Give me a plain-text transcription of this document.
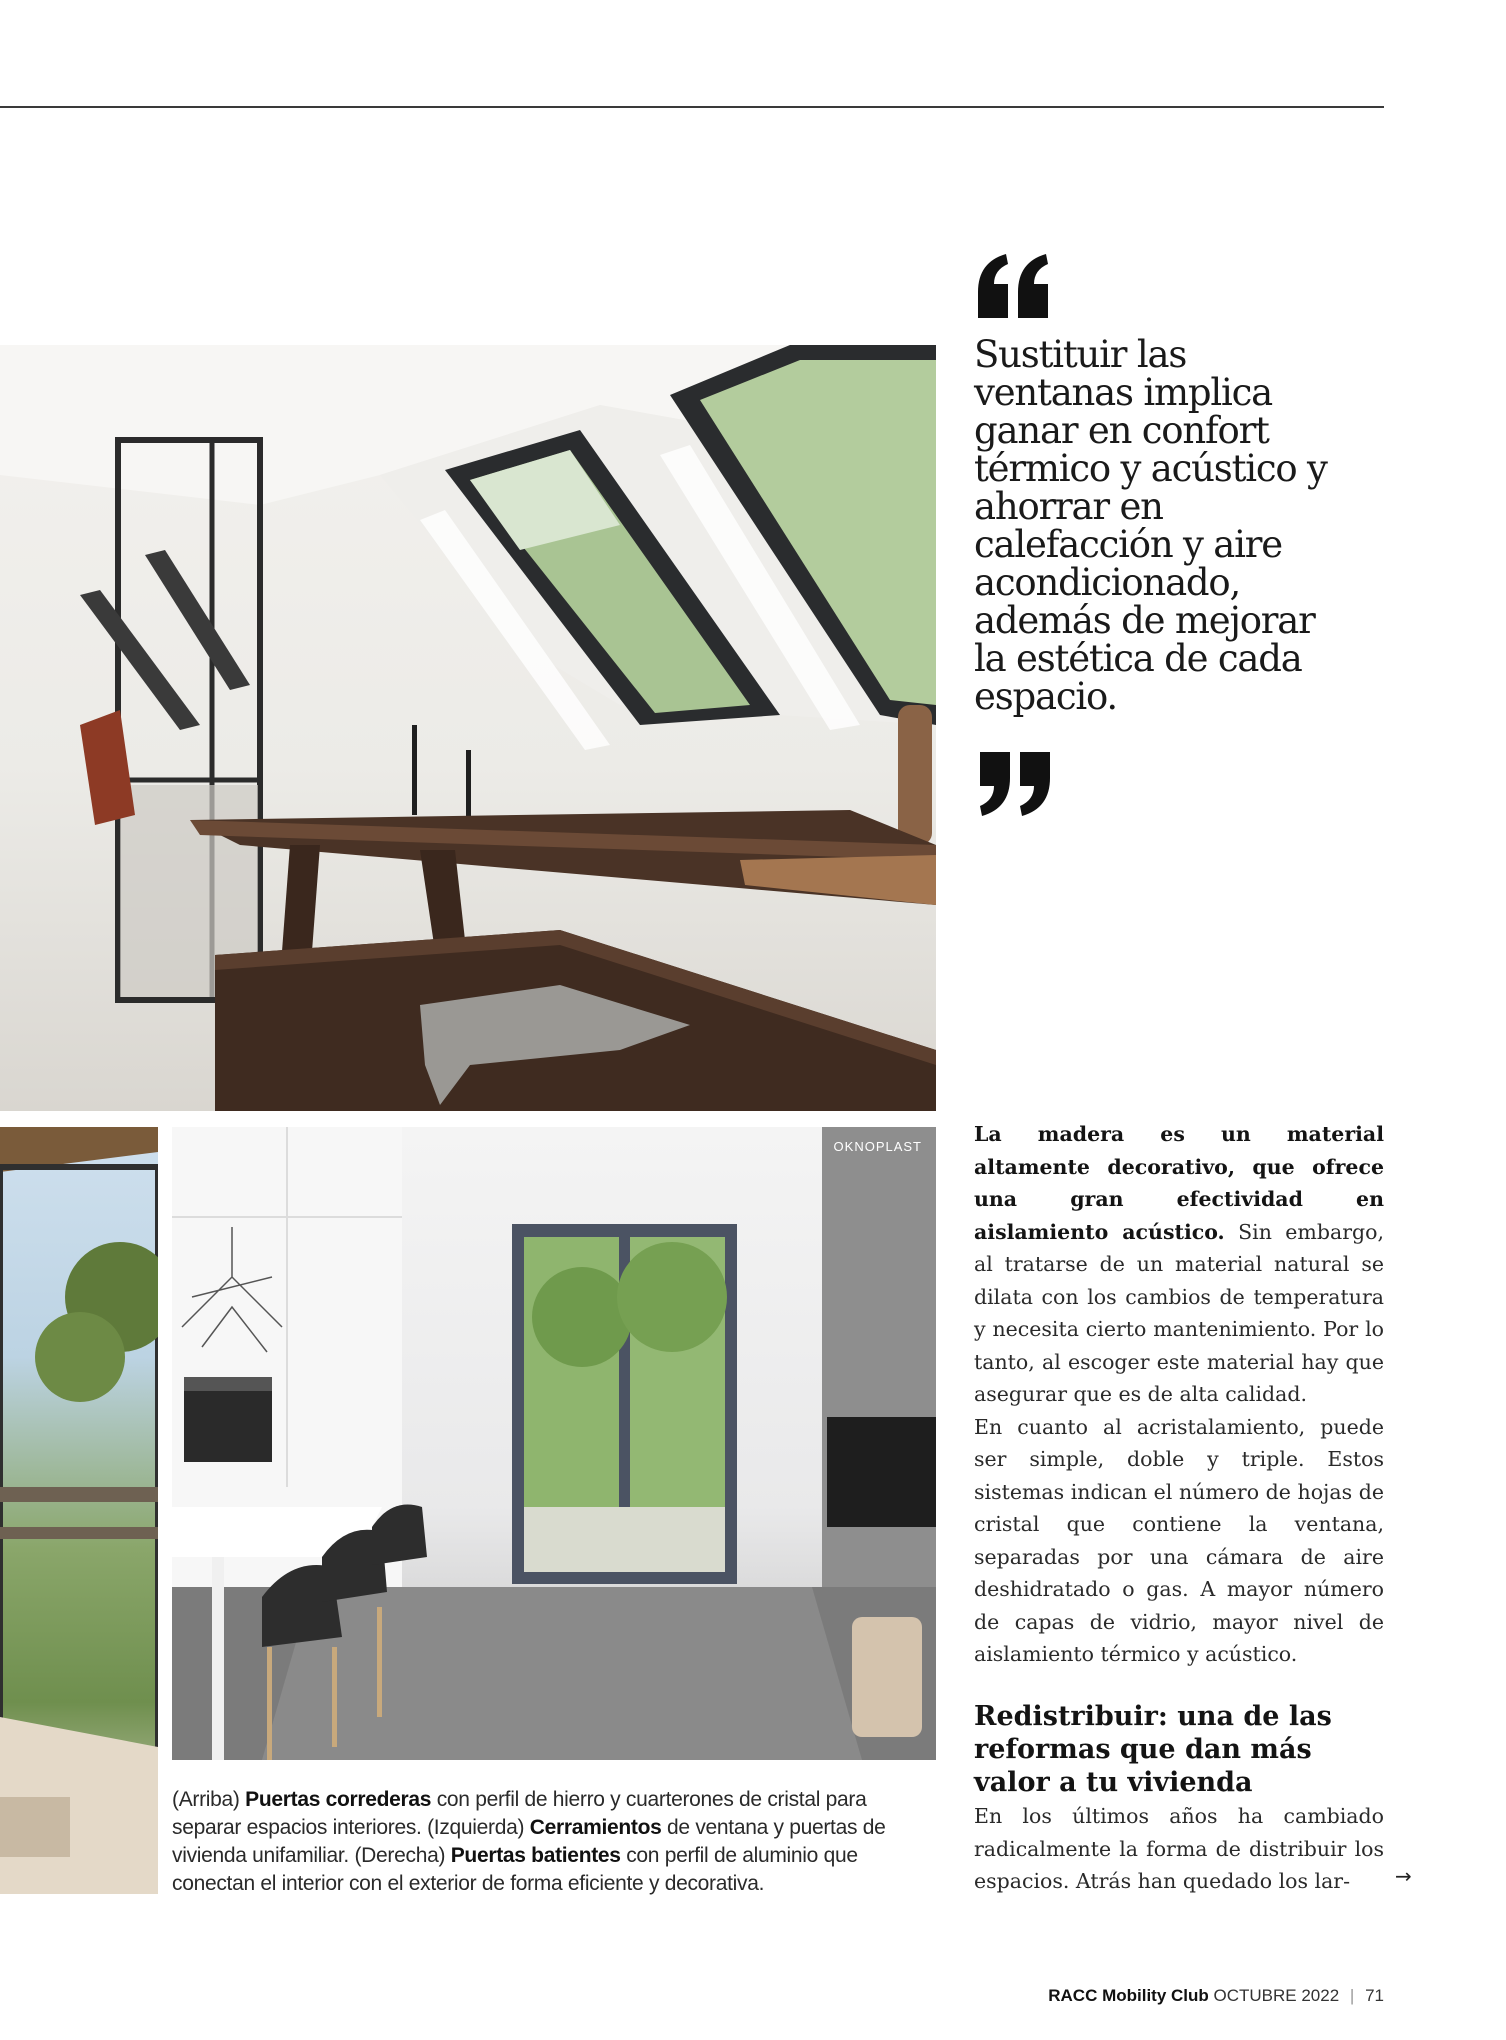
OKNOPLAST

Sustituir las ventanas implica ganar en confort térmico y acústico y ahorrar en calefacción y aire acondicionado, además de mejorar la estética de cada espacio.

La madera es un material altamente decorativo, que ofrece una gran efectividad en aislamiento acústico. Sin embargo, al tratarse de un material natural se dilata con los cambios de temperatura y necesita cierto mantenimiento. Por lo tanto, al escoger este material hay que asegurar que es de alta calidad.

En cuanto al acristalamiento, puede ser simple, doble y triple. Estos sistemas indican el número de hojas de cristal que contiene la ventana, separadas por una cámara de aire deshidratado o gas. A mayor número de capas de vidrio, mayor nivel de aislamiento térmico y acústico.

Redistribuir: una de las reformas que dan más valor a tu vivienda

En los últimos años ha cambiado radicalmente la forma de distribuir los espacios. Atrás han quedado los lar-	→

(Arriba) Puertas correderas con perfil de hierro y cuarterones de cristal para separar espacios interiores. (Izquierda) Cerramientos de ventana y puertas de vivienda unifamiliar. (Derecha) Puertas batientes con perfil de aluminio que conectan el interior con el exterior de forma eficiente y decorativa.

RACC Mobility Club OCTUBRE 2022 | 71
